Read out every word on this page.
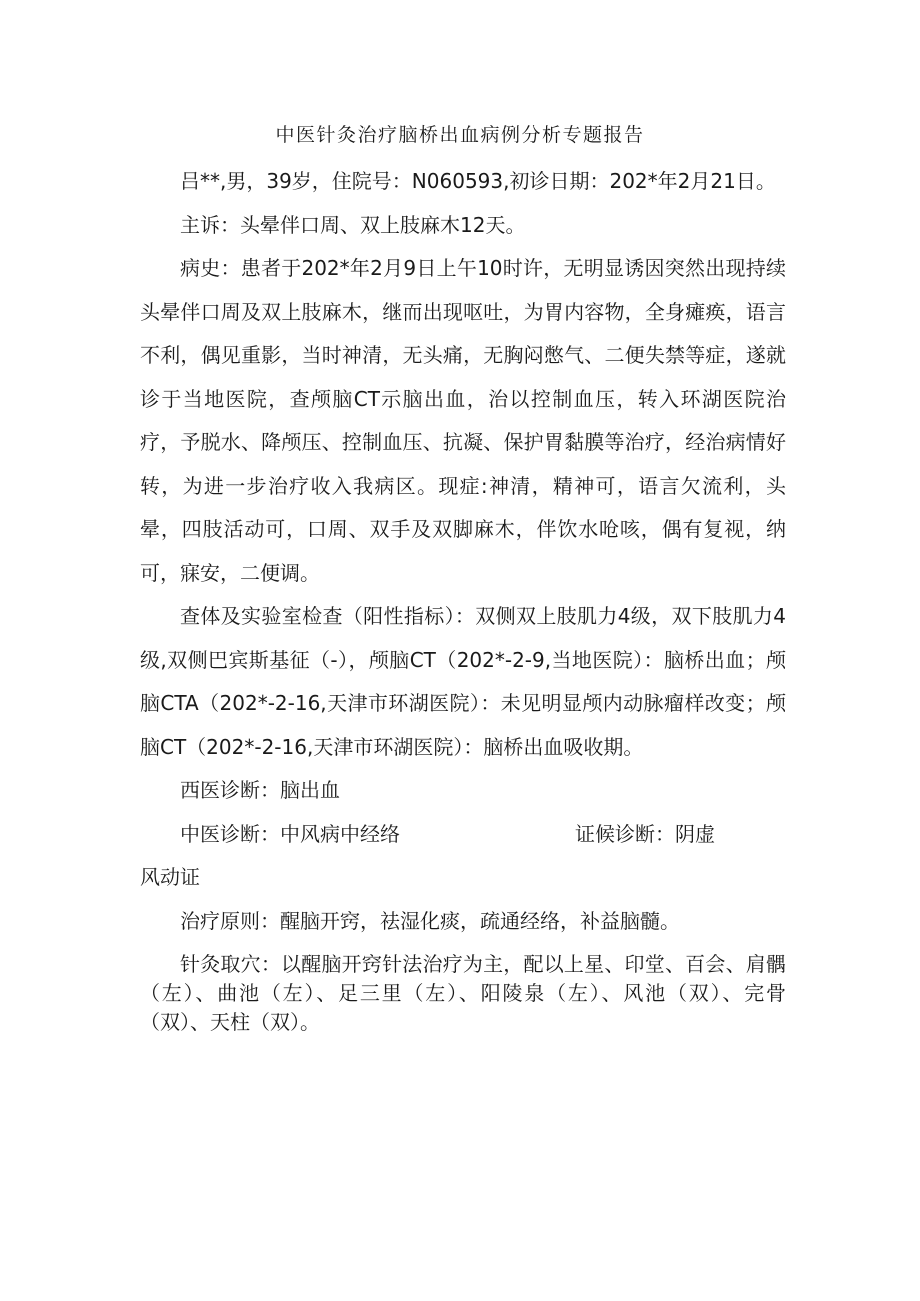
中医针灸治疗脑桥出血病例分析专题报告

吕**,男，39岁，住院号：N060593,初诊日期：202*年2月21日。

主诉：头晕伴口周、双上肢麻木12天。

病史：患者于202*年2月9日上午10时许，无明显诱因突然出现持续头晕伴口周及双上肢麻木，继而出现呕吐，为胃内容物，全身瘫痪，语言不利，偶见重影，当时神清，无头痛，无胸闷憋气、二便失禁等症，遂就诊于当地医院，查颅脑CT示脑出血，治以控制血压，转入环湖医院治疗，予脱水、降颅压、控制血压、抗凝、保护胃黏膜等治疗，经治病情好转，为进一步治疗收入我病区。现症:神清，精神可，语言欠流利，头晕，四肢活动可，口周、双手及双脚麻木，伴饮水呛咳，偶有复视，纳可，寐安，二便调。

查体及实验室检查（阳性指标）：双侧双上肢肌力4级，双下肢肌力4级,双侧巴宾斯基征（-），颅脑CT（202*-2-9,当地医院）：脑桥出血；颅脑CTA（202*-2-16,天津市环湖医院）：未见明显颅内动脉瘤样改变；颅脑CT（202*-2-16,天津市环湖医院）：脑桥出血吸收期。

西医诊断：脑出血

中医诊断：中风病中经络	证候诊断：阴虚

风动证

治疗原则：醒脑开窍，祛湿化痰，疏通经络，补益脑髓。

针灸取穴：以醒脑开窍针法治疗为主，配以上星、印堂、百会、肩髃（左）、曲池（左）、足三里（左）、阳陵泉（左）、风池（双）、完骨（双）、天柱（双）。
